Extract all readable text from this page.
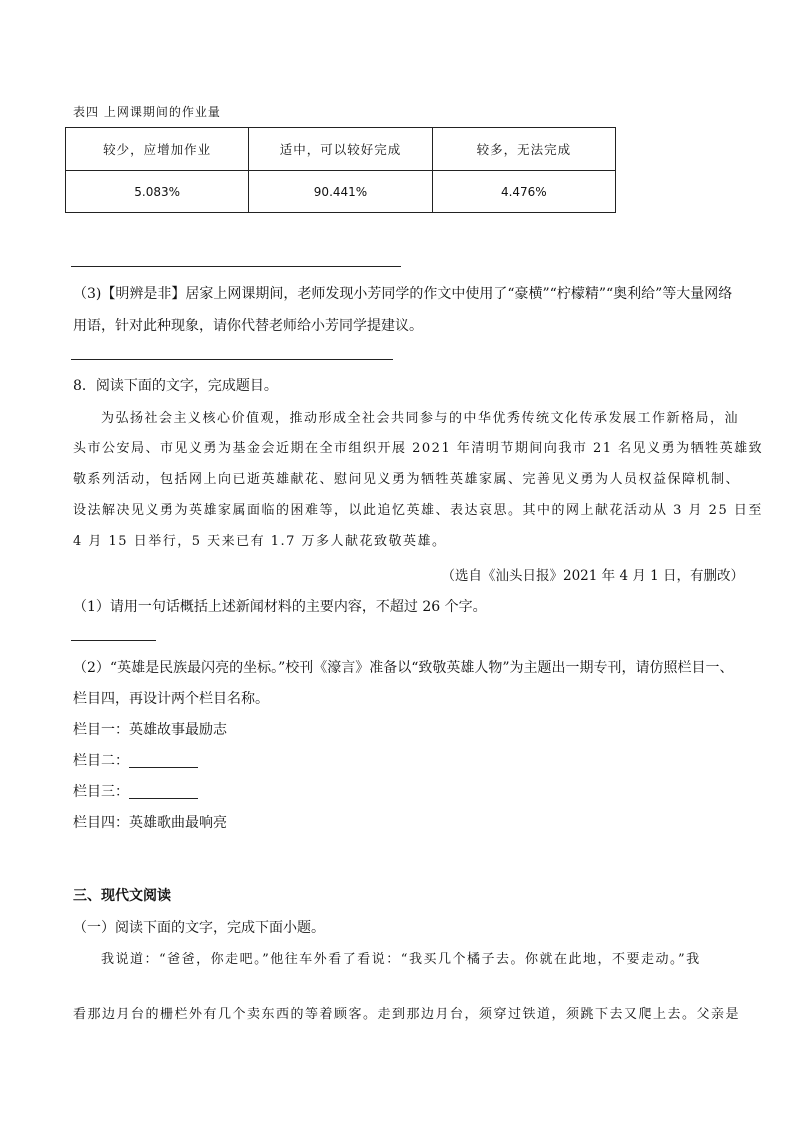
表四 上网课期间的作业量
较少，应增加作业	适中，可以较好完成	较多，无法完成
5.083%	90.441%	4.476%
（3)【明辨是非】居家上网课期间，老师发现小芳同学的作文中使用了“豪横”“柠檬精”“奥利给”等大量网络
用语，针对此种现象，请你代替老师给小芳同学提建议。
8．阅读下面的文字，完成题目。
为弘扬社会主义核心价值观，推动形成全社会共同参与的中华优秀传统文化传承发展工作新格局，汕
头市公安局、市见义勇为基金会近期在全市组织开展 2021 年清明节期间向我市 21 名见义勇为牺牲英雄致
敬系列活动，包括网上向已逝英雄献花、慰问见义勇为牺牲英雄家属、完善见义勇为人员权益保障机制、
设法解决见义勇为英雄家属面临的困难等，以此追忆英雄、表达哀思。其中的网上献花活动从 3 月 25 日至
4 月 15 日举行，5 天来已有 1.7 万多人献花致敬英雄。
（选自《汕头日报》2021 年 4 月 1 日，有删改）
（1）请用一句话概括上述新闻材料的主要内容，不超过 26 个字。
（2）“英雄是民族最闪亮的坐标。”校刊《濠言》准备以“致敬英雄人物”为主题出一期专刊，请仿照栏目一、
栏目四，再设计两个栏目名称。
栏目一：英雄故事最励志
栏目二：
栏目三：
栏目四：英雄歌曲最响亮
三、现代文阅读
（一）阅读下面的文字，完成下面小题。
我说道：“爸爸，你走吧。”他往车外看了看说：“我买几个橘子去。你就在此地，不要走动。”我
看那边月台的栅栏外有几个卖东西的等着顾客。走到那边月台，须穿过铁道，须跳下去又爬上去。父亲是
